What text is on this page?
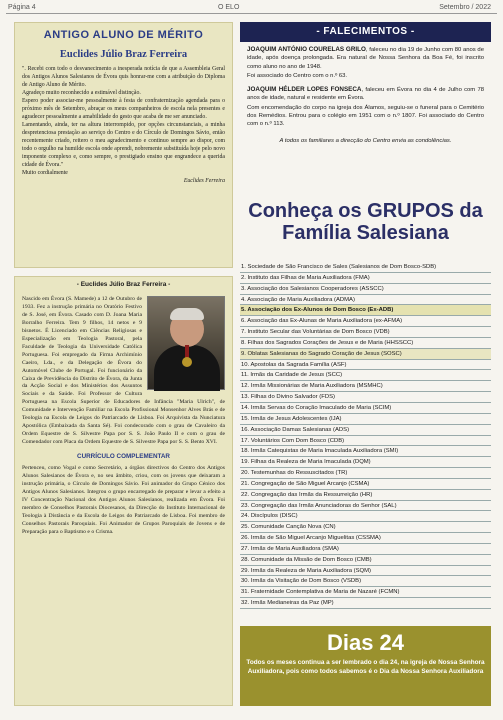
Página 4	O ELO	Setembro / 2022
ANTIGO ALUNO DE MÉRITO
Euclides Júlio Braz Ferreira

". Recebi com todo o desvanecimento a inesperada notícia de que a Assembleia Geral dos Antigos Alunos Salesianos de Évora quis honrar-me com a atribuição do Diploma de Antigo Aluno de Mérito.

Agradeço muito reconhecido a estimável distinção.

Espero poder associar-me pessoalmente à festa de confraternização agendada para o próximo mês de Setembro, abraçar os meus companheiros de escola nela presentes e agradecer pessoalmente a amabilidade do gesto que acaba de me ser anunciado.

Lamentando, ainda, ter na altura interrompido, por opções circunstanciais, a minha despretenciosa prestação ao serviço do Centro e do Círculo de Domingos Sávio, então recentemente criado, reitero o meu agradecimento e continuo sempre ao dispor, com todo o orgulho na humilde escola onde aprendi, nobremente substituída hoje pelo novo imponente complexo e, como sempre, o prestigiado ensino que engrandece a querida cidade de Évora."

Muito cordialmente

Euclides Ferreira
- Euclides Júlio Braz Ferreira -

Nascido em Évora (S. Mamede) a 12 de Outubro de 1933. Fez a instrução primária no Oratório Festivo de S. José, em Évora. Casado com D. Joana Maria Borralho Ferreira. Tem 9 filhos, 14 netos e 9 bisnetos. É Licenciado em Ciências Religiosas e Especialização em Teologia Pastoral, pela Faculdade de Teologia da Universidade Católica Portuguesa. Foi empregado da Firma Archimínio Caeiro, Lda., e da Delegação de Évora do Automóvel Clube de Portugal. Foi funcionário da Caixa de Previdência do Distrito de Évora, da Junta da Acção Social e dos Ministérios dos Assuntos Sociais e da Saúde. Foi Professor de Cultura Portuguesa na Escola Superior de Educadores de Infância "Maria Ulrich", de Comunidade e Intervenção Familiar na Escola Profissional Monsenhor Alves Brás e de Teologia na Escola de Leigos do Patriarcado de Lisboa. Foi Arquivista da Nunciatura Apostólica (Embaixada da Santa Sé). Foi condecorado com o grau de Cavaleiro da Ordem Equestre de S. Silvestre Papa por S. S. João Paulo II e com o grau de Comendador com Placa da Ordem Equestre de S. Silvestre Papa por S. S. Bento XVI.

CURRÍCULO COMPLEMENTAR

Pertenceu, como Vogal e como Secretário, a órgãos directivos do Centro dos Antigos Alunos Salesianos de Évora e, no seu âmbito, criou, com os jovens que deixaram a instrução primária, o Círculo de Domingos Sávio. Foi animador do Grupo Cénico dos Antigos Alunos Salesianos. Integrou o grupo encarregado de preparar e levar a efeito a IV Concentração Nacional dos Antigos Alunos Salesianos, realizada em Évora. Foi membro de Conselhos Pastorais Diocesanos, da Direcção do Instituto Internacional de Teologia à Distância e da Escola de Leigos do Patriarcado de Lisboa. Foi membro de Conselhos Pastorais Paroquiais. Foi Animador de Grupos Paroquiais de Jovens e de Preparação para o Baptismo e o Crisma.

- FALECIMENTOS -

JOAQUIM ANTÓNIO COURELAS GRILO, faleceu no dia 19 de Junho com 80 anos de idade, após doença prolongada. Era natural de Nossa Senhora da Boa Fé, foi inscrito como aluno no ano de 1948.

Foi associado do Centro com o n.º 63.

JOAQUIM HÉLDER LOPES FONSECA, faleceu em Évora no dia 4 de Julho com 78 anos de idade, natural e residente em Évora.

Com encomendação do corpo na igreja dos Álamos, seguiu-se o funeral para o Cemitério dos Remédios. Entrou para o colégio em 1951 com o n.º 1807. Foi associado do Centro com o n.º 113.

A todos os familiares a direcção do Centro envia as condolências.

Conheça os GRUPOS da Família Salesiana
1. Sociedade de São Francisco de Sales (Salesianos de Dom Bosco-SDB)
2. Instituto das Filhas de Maria Auxiliadora (FMA)
3. Associação dos Salesianos Cooperadores (ASSCC)
4. Associação de Maria Auxiliadora (ADMA)
5. Associação dos Ex-Alunos de Dom Bosco (Ex-ADB)
6. Associação das Ex-Alunas de Maria Auxiliadora (ex-AFMA)
7. Instituto Secular das Voluntárias de Dom Bosco (VDB)
8. Filhas dos Sagrados Corações de Jesus e de Maria (HHSSCC)
9. Oblatas Salesianas do Sagrado Coração de Jesus (SOSC)
10. Apostolas da Sagrada Família (ASF)
11. Irmãs da Caridade de Jesus (SCC)
12. Irmãs Missionárias de Maria Auxiliadora (MSMHC)
13. Filhas do Divino Salvador (FDS)
14. Irmãs Servas do Coração Imaculado de Maria (SCIM)
15. Irmãs de Jesus Adolescentes (IJA)
16. Associação Damas Salesianas (ADS)
17. Voluntários Com Dom Bosco (CDB)
18. Irmãs Catequistas de Maria Imaculada Auxiliadora (SMI)
19. Filhas da Realeza de Maria Imaculada (DQM)
20. Testemunhas do Ressuscitados (TR)
21. Congregação de São Miguel Arcanjo (CSMA)
22. Congregação das Irmãs da Ressurreição (HR)
23. Congregação das Irmãs Anunciadoras do Senhor (SAL)
24. Discípulos (DISC)
25. Comunidade Canção Nova (CN)
26. Irmãs de São Miguel Arcanjo Miguelitas (CSSMA)
27. Irmãs de Maria Auxiliadora (SMA)
28. Comunidade da Missão de Dom Bosco (CMB)
29. Irmãs da Realeza de Maria Auxiliadora (SQM)
30. Irmãs da Visitação de Dom Bosco (VSDB)
31. Fraternidade Contemplativa de Maria de Nazaré (FCMN)
32. Irmãs Medianeiras da Paz (MP)
Dias 24
Todos os meses continua a ser lembrado o dia 24, na igreja de Nossa Senhora Auxiliadora, pois como todos sabemos é o Dia da Nossa Senhora Auxiliadora
